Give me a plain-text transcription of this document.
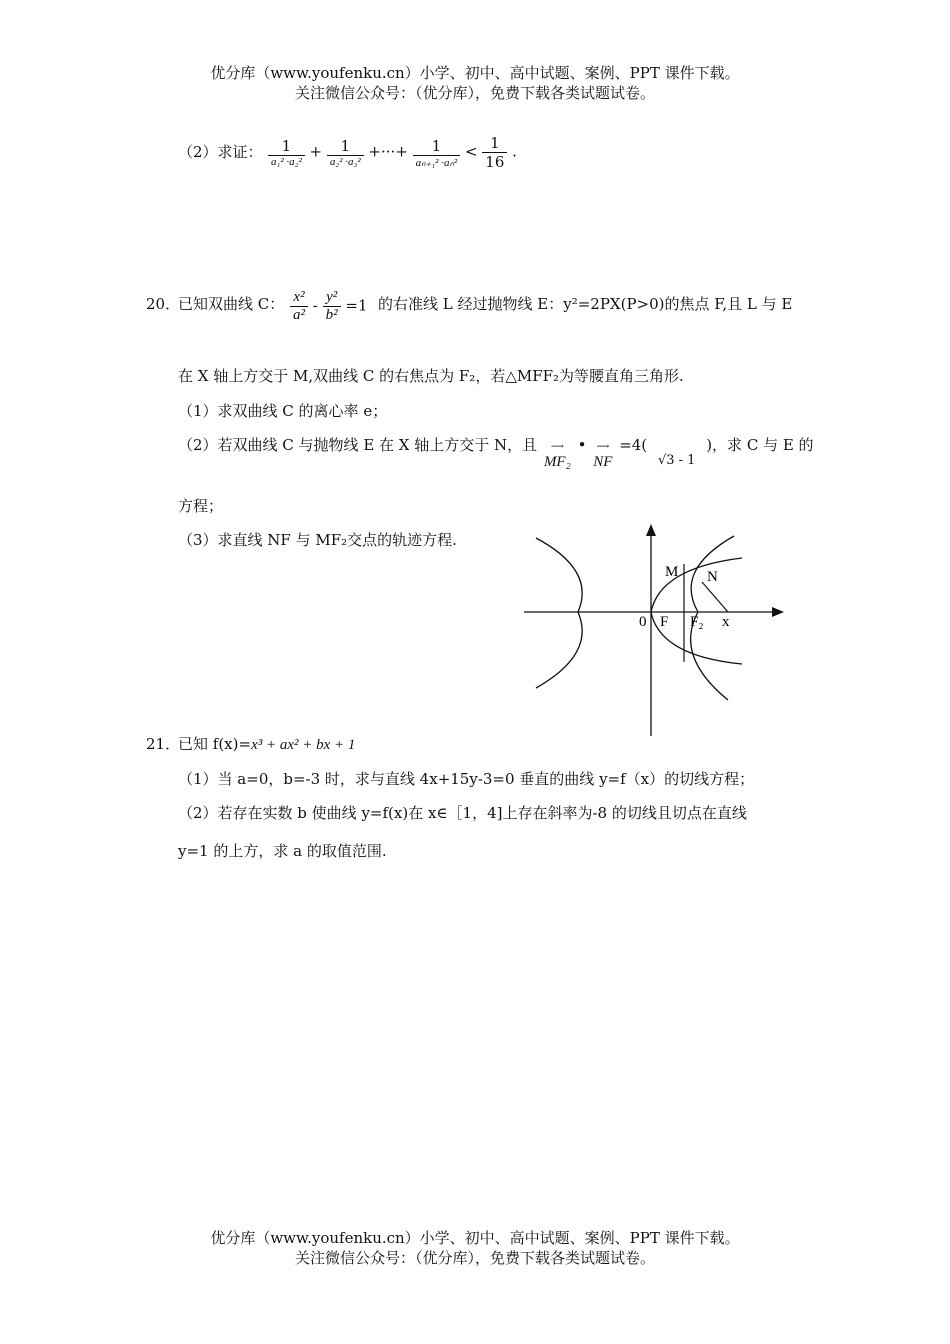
优分库（www.youfenku.cn）小学、初中、高中试题、案例、PPT 课件下载。
关注微信公众号：（优分库），免费下载各类试题试卷。
（2）求证： $\frac{1}{\text{a₁² ·a₂²}} + \frac{1}{\text{a₂² ·a₃²}}$ +···+ $\frac{1}{\text{aₙ₊₁² ·aₙ²}} < \frac{1}{16}$ .
20．
已知双曲线 C： $\frac{\text{x²}}{\text{a²}} - \frac{\text{y²}}{\text{b²}} =1$ 的右准线 L 经过抛物线 E：y²=2PX(P>0)的焦点 F,且 L 与 E
在 X 轴上方交于 M,双曲线 C 的右焦点为 F₂，若△MFF₂为等腰直角三角形.
（1）求双曲线 C 的离心率 e；
（2）若双曲线 C 与抛物线 E 在 X 轴上方交于 N，且	⟶
MF₂ •	⟶
NF =4( √3 - 1 )，求 C 与 E 的
方程；
（3）求直线 NF 与 MF₂交点的轨迹方程.
M N
0 F F₂ x
21．
已知 f(x)=x³ + ax² + bx + 1
（1）当 a=0，b=-3 时，求与直线 4x+15y-3=0 垂直的曲线 y=f（x）的切线方程；
（2）若存在实数 b 使曲线 y=f(x)在 x∈［1，4]上存在斜率为-8 的切线且切点在直线
y=1 的上方，求 a 的取值范围.
优分库（www.youfenku.cn）小学、初中、高中试题、案例、PPT 课件下载。
关注微信公众号：（优分库），免费下载各类试题试卷。
